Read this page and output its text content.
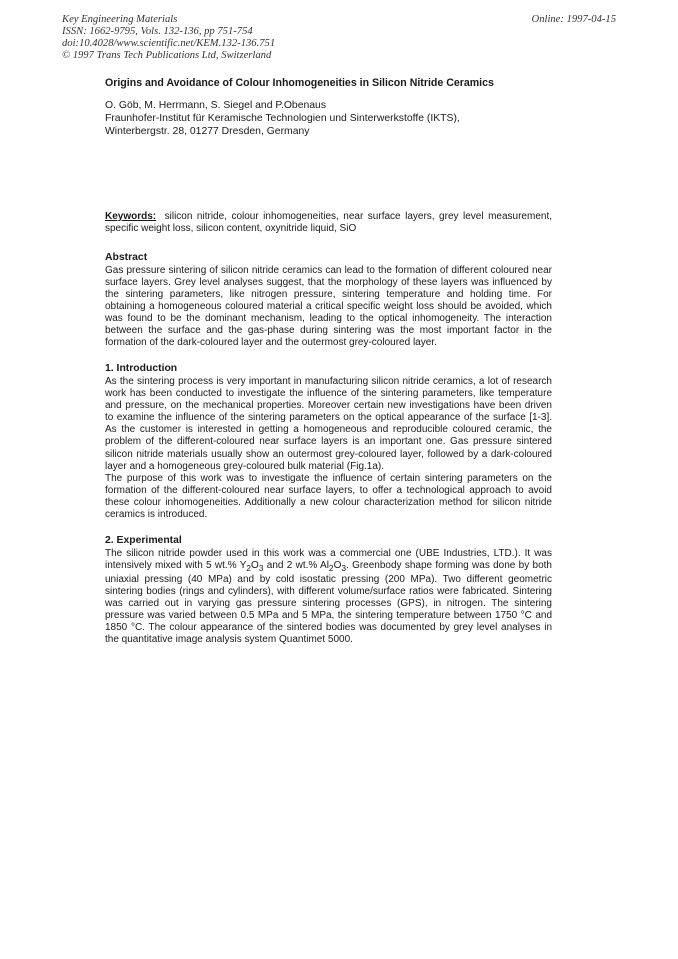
Key Engineering Materials
ISSN: 1662-9795, Vols. 132-136, pp 751-754
doi:10.4028/www.scientific.net/KEM.132-136.751
© 1997 Trans Tech Publications Ltd, Switzerland
Online: 1997-04-15
Origins and Avoidance of Colour Inhomogeneities in Silicon Nitride Ceramics

O. Göb, M. Herrmann, S. Siegel and P.Obenaus

Fraunhofer-Institut für Keramische Technologien und Sinterwerkstoffe (IKTS),

Winterbergstr. 28, 01277 Dresden, Germany

Keywords: silicon nitride, colour inhomogeneities, near surface layers, grey level measurement, specific weight loss, silicon content, oxynitride liquid, SiO
Abstract

Gas pressure sintering of silicon nitride ceramics can lead to the formation of different coloured near surface layers. Grey level analyses suggest, that the morphology of these layers was influenced by the sintering parameters, like nitrogen pressure, sintering temperature and holding time. For obtaining a homogeneous coloured material a critical specific weight loss should be avoided, which was found to be the dominant mechanism, leading to the optical inhomogeneity. The interaction between the surface and the gas-phase during sintering was the most important factor in the formation of the dark-coloured layer and the outermost grey-coloured layer.

1. Introduction

As the sintering process is very important in manufacturing silicon nitride ceramics, a lot of research work has been conducted to investigate the influence of the sintering parameters, like temperature and pressure, on the mechanical properties. Moreover certain new investigations have been driven to examine the influence of the sintering parameters on the optical appearance of the surface [1-3]. As the customer is interested in getting a homogeneous and reproducible coloured ceramic, the problem of the different-coloured near surface layers is an important one. Gas pressure sintered silicon nitride materials usually show an outermost grey-coloured layer, followed by a dark-coloured layer and a homogeneous grey-coloured bulk material (Fig.1a).

The purpose of this work was to investigate the influence of certain sintering parameters on the formation of the different-coloured near surface layers, to offer a technological approach to avoid these colour inhomogeneities. Additionally a new colour characterization method for silicon nitride ceramics is introduced.

2. Experimental

The silicon nitride powder used in this work was a commercial one (UBE Industries, LTD.). It was intensively mixed with 5 wt.% $Y_2O_3$ and 2 wt.% $Al_2O_3$. Greenbody shape forming was done by both uniaxial pressing (40 MPa) and by cold isostatic pressing (200 MPa). Two different geometric sintering bodies (rings and cylinders), with different volume/surface ratios were fabricated. Sintering was carried out in varying gas pressure sintering processes (GPS), in nitrogen. The sintering pressure was varied between 0.5 MPa and 5 MPa, the sintering temperature between 1750 °C and 1850 °C. The colour appearance of the sintered bodies was documented by grey level analyses in the quantitative image analysis system Quantimet 5000.
